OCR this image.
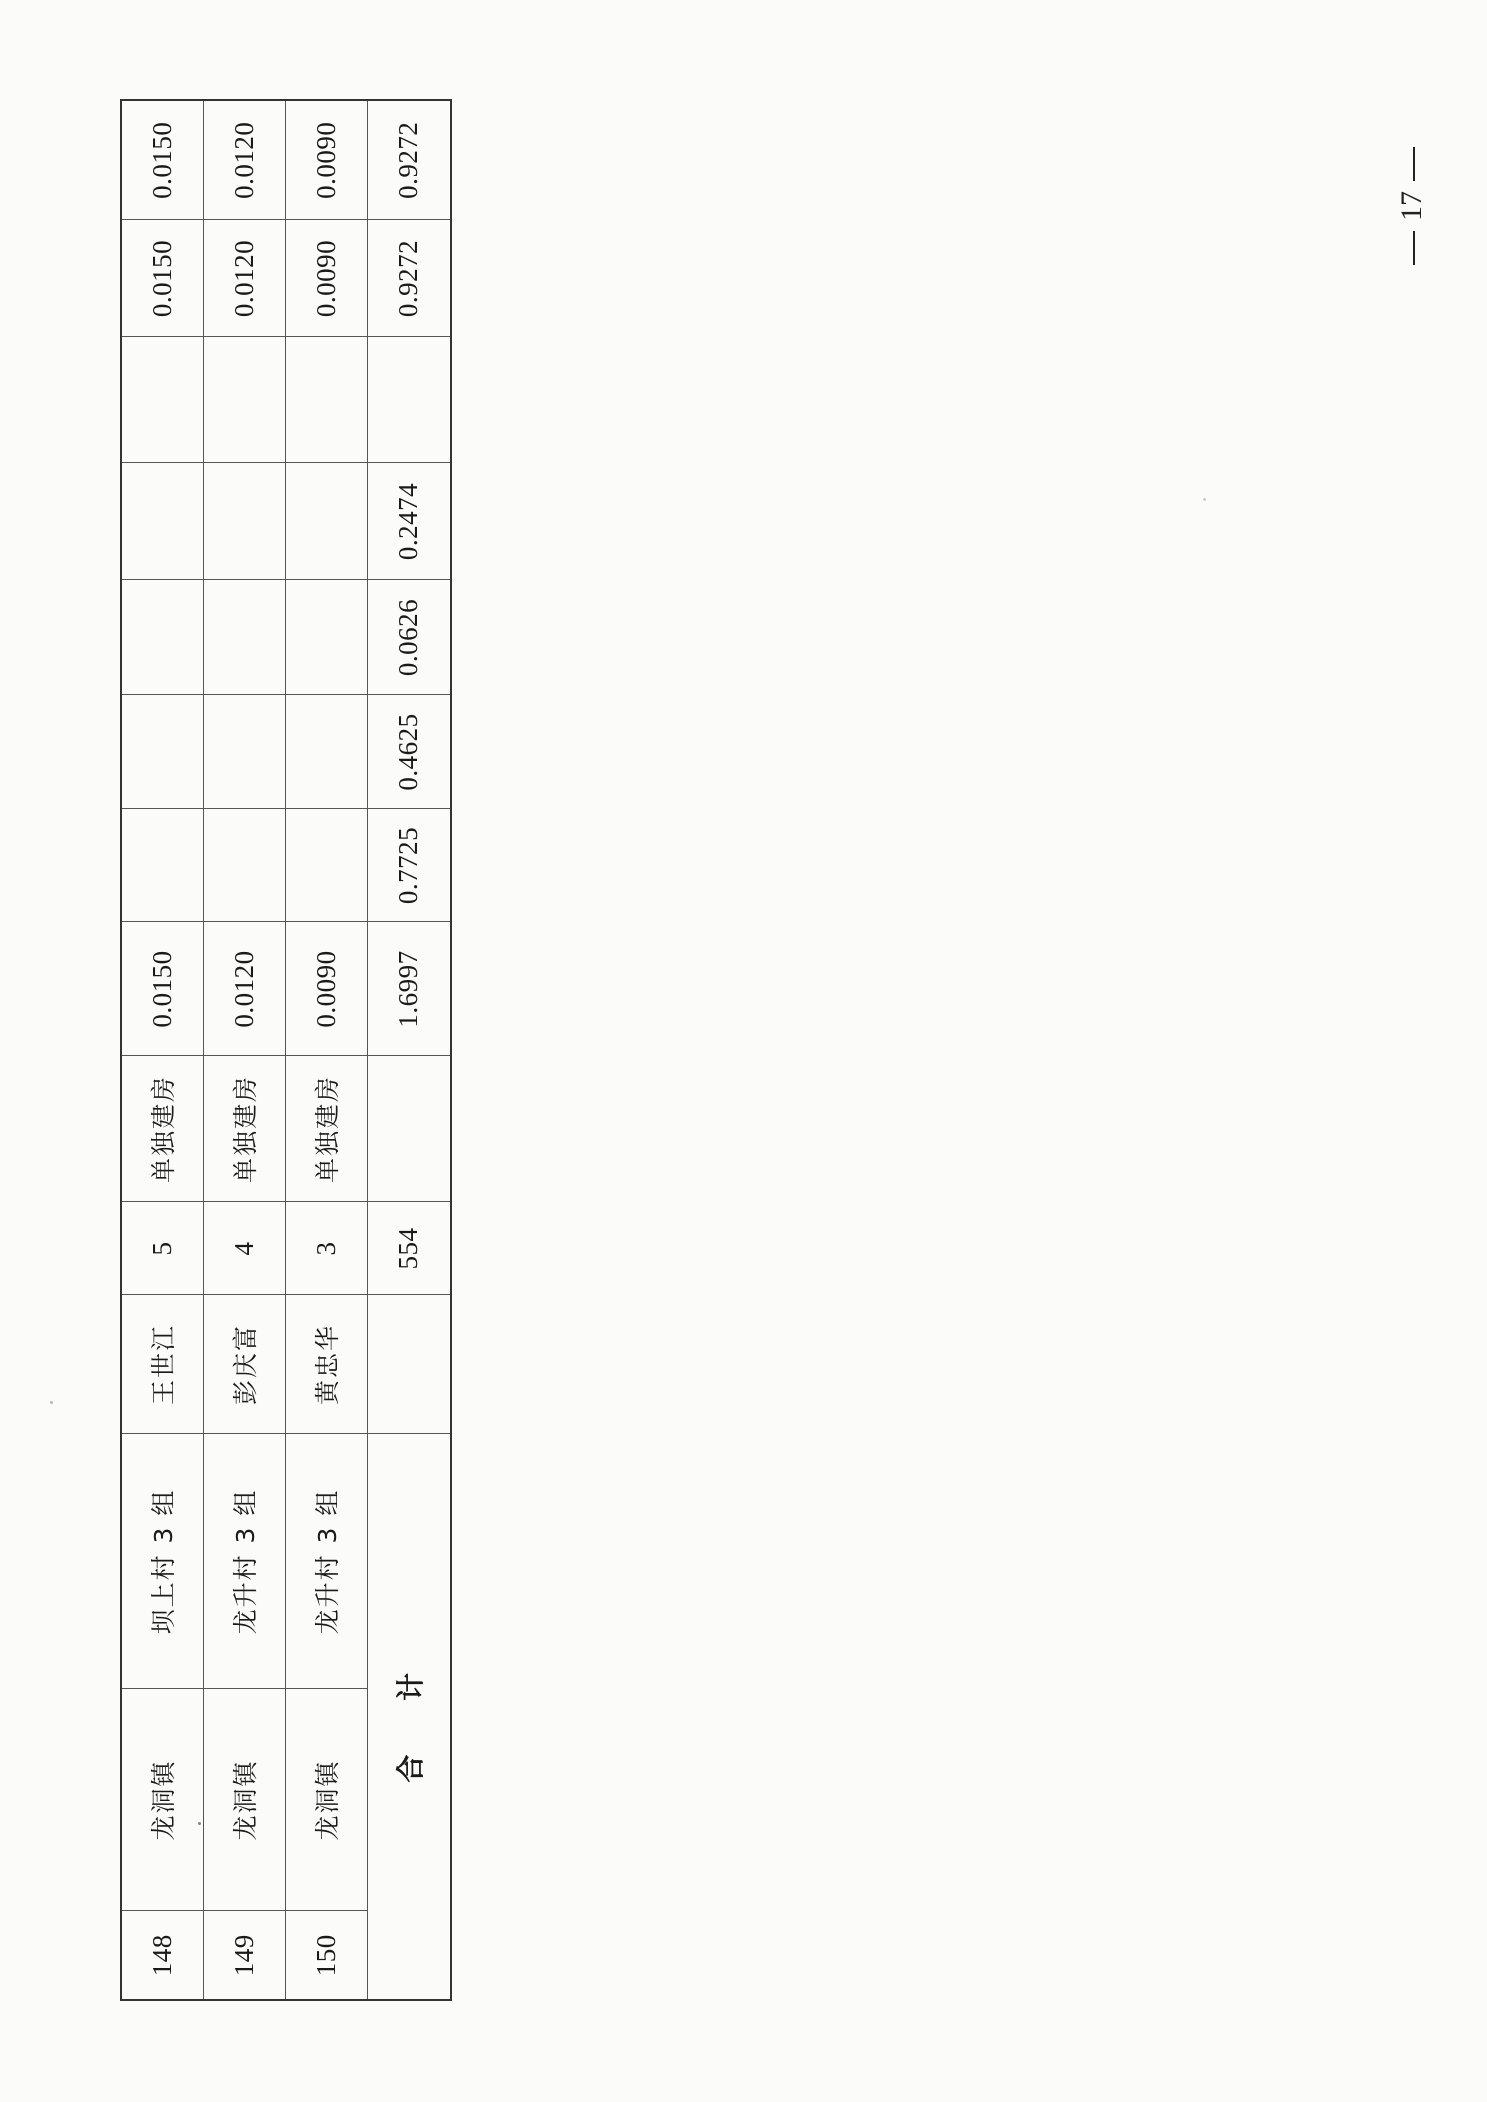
148	龙洞镇	坝上村 3 组	王世江	5	单独建房	0.0150						0.0150	0.0150
149	龙洞镇	龙升村 3 组	彭庆富	4	单独建房	0.0120						0.0120	0.0120
150	龙洞镇	龙升村 3 组	黄忠华	3	单独建房	0.0090						0.0090	0.0090
合 计				554		1.6997	0.7725	0.4625	0.0626	0.2474		0.9272	0.9272
17
